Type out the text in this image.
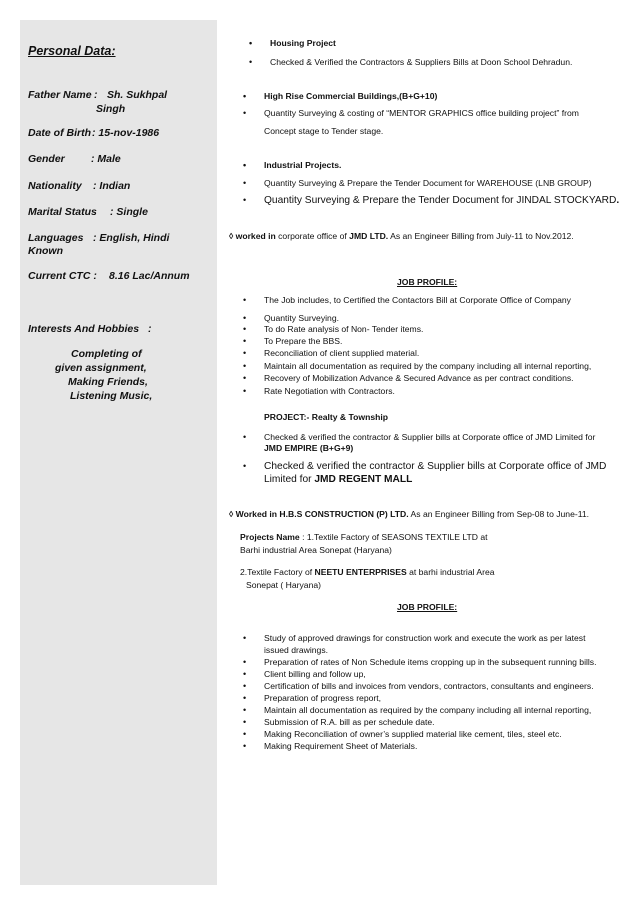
Personal Data:
Father Name : Sh. Sukhpal
Singh
Date of Birth : 15-nov-1986
Gender : Male
Nationality : Indian
Marital Status : Single
Languages
Known
: English, Hindi
Current CTC : 8.16 Lac/Annum
Interests And Hobbies :
Completing of
given assignment,
Making Friends,
Listening Music,
• Housing Project
• Checked & Verified the Contractors & Suppliers Bills at Doon School Dehradun.
• High Rise Commercial Buildings,(B+G+10)
• Quantity Surveying & costing of “MENTOR GRAPHICS office building project” from
Concept stage to Tender stage.
• Industrial Projects.
• Quantity Surveying & Prepare the Tender Document for WAREHOUSE (LNB GROUP)
• Quantity Surveying & Prepare the Tender Document for JINDAL STOCKYARD.
◊ worked in corporate office of JMD LTD. As an Engineer Billing from Juiy-11 to Nov.2012.
JOB PROFILE:
• The Job includes, to Certified the Contactors Bill at Corporate Office of Company
• Quantity Surveying.
• To do Rate analysis of Non- Tender items.
• To Prepare the BBS.
• Reconciliation of client supplied material.
• Maintain all documentation as required by the company including all internal reporting,
• Recovery of Mobilization Advance & Secured Advance as per contract conditions.
• Rate Negotiation with Contractors.
PROJECT:- Realty & Township
• Checked & verified the contractor & Supplier bills at Corporate office of JMD Limited for
JMD EMPIRE (B+G+9)
• Checked & verified the contractor & Supplier bills at Corporate office of JMD
Limited for JMD REGENT MALL
◊ Worked in H.B.S CONSTRUCTION (P) LTD. As an Engineer Billing from Sep-08 to June-11.
Projects Name : 1.Textile Factory of SEASONS TEXTILE LTD at
Barhi industrial Area Sonepat (Haryana)
2.Textile Factory of NEETU ENTERPRISES at barhi industrial Area
Sonepat ( Haryana)
JOB PROFILE:
• Study of approved drawings for construction work and execute the work as per latest
issued drawings.
• Preparation of rates of Non Schedule items cropping up in the subsequent running bills.
• Client billing and follow up,
• Certification of bills and invoices from vendors, contractors, consultants and engineers.
• Preparation of progress report,
• Maintain all documentation as required by the company including all internal reporting,
• Submission of R.A. bill as per schedule date.
• Making Reconciliation of owner’s supplied material like cement, tiles, steel etc.
• Making Requirement Sheet of Materials.
